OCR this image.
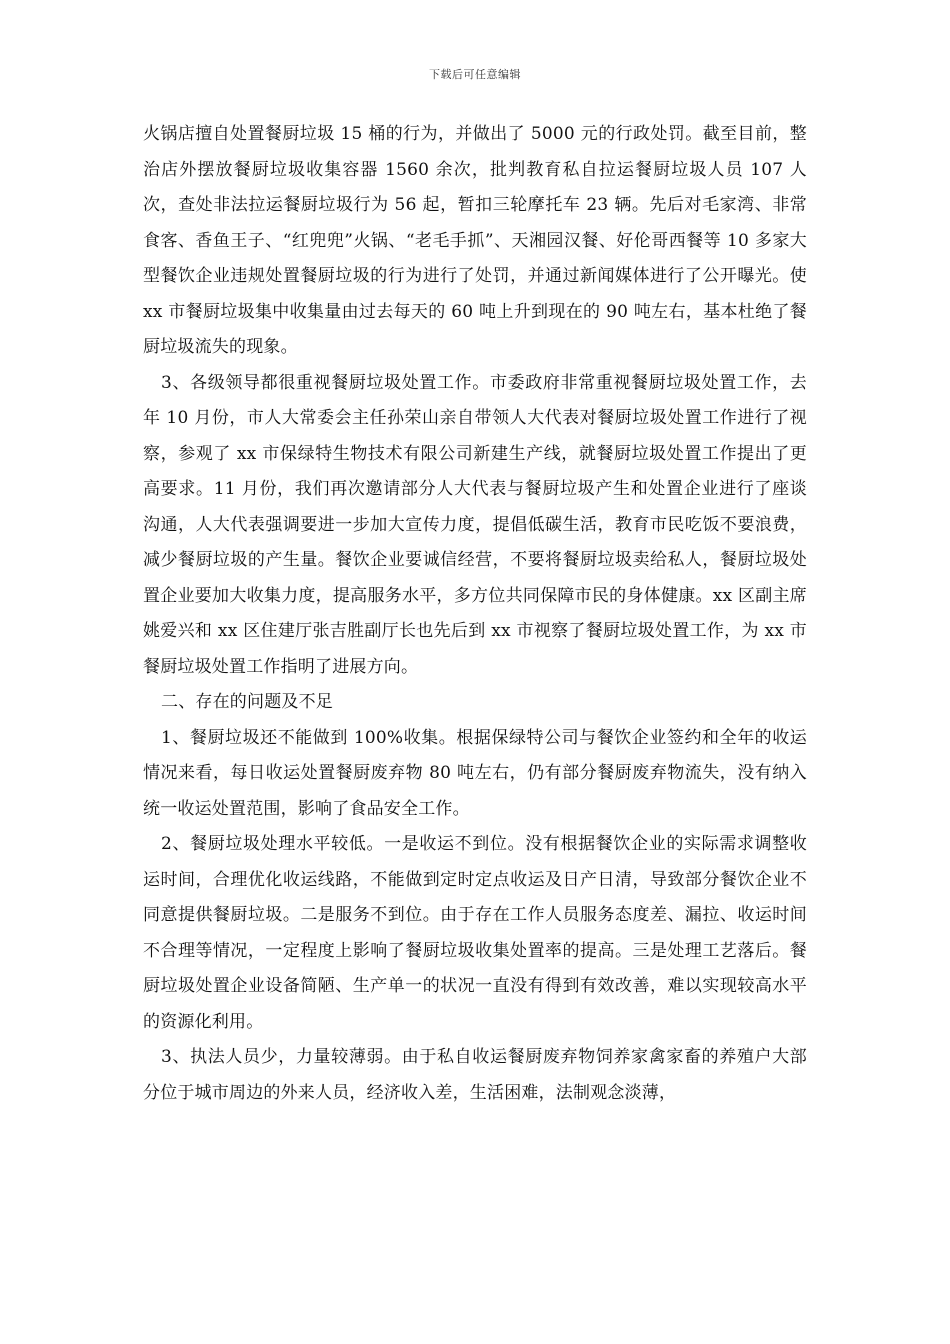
下载后可任意编辑

火锅店擅自处置餐厨垃圾 15 桶的行为，并做出了 5000 元的行政处罚。截至目前，整治店外摆放餐厨垃圾收集容器 1560 余次，批判教育私自拉运餐厨垃圾人员 107 人次，查处非法拉运餐厨垃圾行为 56 起，暂扣三轮摩托车 23 辆。先后对毛家湾、非常食客、香鱼王子、“红兜兜”火锅、“老毛手抓”、天湘园汉餐、好伦哥西餐等 10 多家大型餐饮企业违规处置餐厨垃圾的行为进行了处罚，并通过新闻媒体进行了公开曝光。使 xx 市餐厨垃圾集中收集量由过去每天的 60 吨上升到现在的 90 吨左右，基本杜绝了餐厨垃圾流失的现象。

3、各级领导都很重视餐厨垃圾处置工作。市委政府非常重视餐厨垃圾处置工作，去年 10 月份，市人大常委会主任孙荣山亲自带领人大代表对餐厨垃圾处置工作进行了视察，参观了 xx 市保绿特生物技术有限公司新建生产线，就餐厨垃圾处置工作提出了更高要求。11 月份，我们再次邀请部分人大代表与餐厨垃圾产生和处置企业进行了座谈沟通，人大代表强调要进一步加大宣传力度，提倡低碳生活，教育市民吃饭不要浪费，减少餐厨垃圾的产生量。餐饮企业要诚信经营，不要将餐厨垃圾卖给私人，餐厨垃圾处置企业要加大收集力度，提高服务水平，多方位共同保障市民的身体健康。xx 区副主席姚爱兴和 xx 区住建厅张吉胜副厅长也先后到 xx 市视察了餐厨垃圾处置工作，为 xx 市餐厨垃圾处置工作指明了进展方向。

二、存在的问题及不足

1、餐厨垃圾还不能做到 100%收集。根据保绿特公司与餐饮企业签约和全年的收运情况来看，每日收运处置餐厨废弃物 80 吨左右，仍有部分餐厨废弃物流失，没有纳入统一收运处置范围，影响了食品安全工作。

2、餐厨垃圾处理水平较低。一是收运不到位。没有根据餐饮企业的实际需求调整收运时间，合理优化收运线路，不能做到定时定点收运及日产日清，导致部分餐饮企业不同意提供餐厨垃圾。二是服务不到位。由于存在工作人员服务态度差、漏拉、收运时间不合理等情况，一定程度上影响了餐厨垃圾收集处置率的提高。三是处理工艺落后。餐厨垃圾处置企业设备简陋、生产单一的状况一直没有得到有效改善，难以实现较高水平的资源化利用。

3、执法人员少，力量较薄弱。由于私自收运餐厨废弃物饲养家禽家畜的养殖户大部分位于城市周边的外来人员，经济收入差，生活困难，法制观念淡薄，
